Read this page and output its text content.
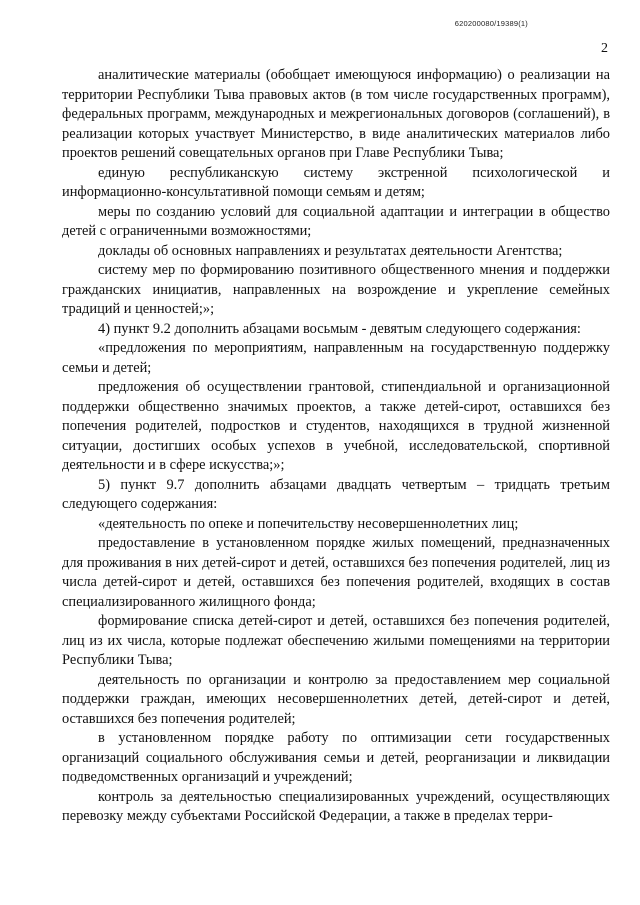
620200080/19389(1)
2

аналитические материалы (обобщает имеющуюся информацию) о реализации на территории Республики Тыва правовых актов (в том числе государственных программ), федеральных программ, международных и межрегиональных договоров (соглашений), в реализации которых участвует Министерство, в виде аналитических материалов либо проектов решений совещательных органов при Главе Республики Тыва;

единую республиканскую систему экстренной психологической и информационно-консультативной помощи семьям и детям;

меры по созданию условий для социальной адаптации и интеграции в общество детей с ограниченными возможностями;

доклады об основных направлениях и результатах деятельности Агентства;

систему мер по формированию позитивного общественного мнения и поддержки гражданских инициатив, направленных на возрождение и укрепление семейных традиций и ценностей;»;

4) пункт 9.2 дополнить абзацами восьмым - девятым следующего содержания:

«предложения по мероприятиям, направленным на государственную поддержку семьи и детей;

предложения об осуществлении грантовой, стипендиальной и организационной поддержки общественно значимых проектов, а также детей-сирот, оставшихся без попечения родителей, подростков и студентов, находящихся в трудной жизненной ситуации, достигших особых успехов в учебной, исследовательской, спортивной деятельности и в сфере искусства;»;

5) пункт 9.7 дополнить абзацами двадцать четвертым – тридцать третьим следующего содержания:

«деятельность по опеке и попечительству несовершеннолетних лиц;

предоставление в установленном порядке жилых помещений, предназначенных для проживания в них детей-сирот и детей, оставшихся без попечения родителей, лиц из числа детей-сирот и детей, оставшихся без попечения родителей, входящих в состав специализированного жилищного фонда;

формирование списка детей-сирот и детей, оставшихся без попечения родителей, лиц из их числа, которые подлежат обеспечению жилыми помещениями на территории Республики Тыва;

деятельность по организации и контролю за предоставлением мер социальной поддержки граждан, имеющих несовершеннолетних детей, детей-сирот и детей, оставшихся без попечения родителей;

в установленном порядке работу по оптимизации сети государственных организаций социального обслуживания семьи и детей, реорганизации и ликвидации подведомственных организаций и учреждений;

контроль за деятельностью специализированных учреждений, осуществляющих перевозку между субъектами Российской Федерации, а также в пределах терри-
